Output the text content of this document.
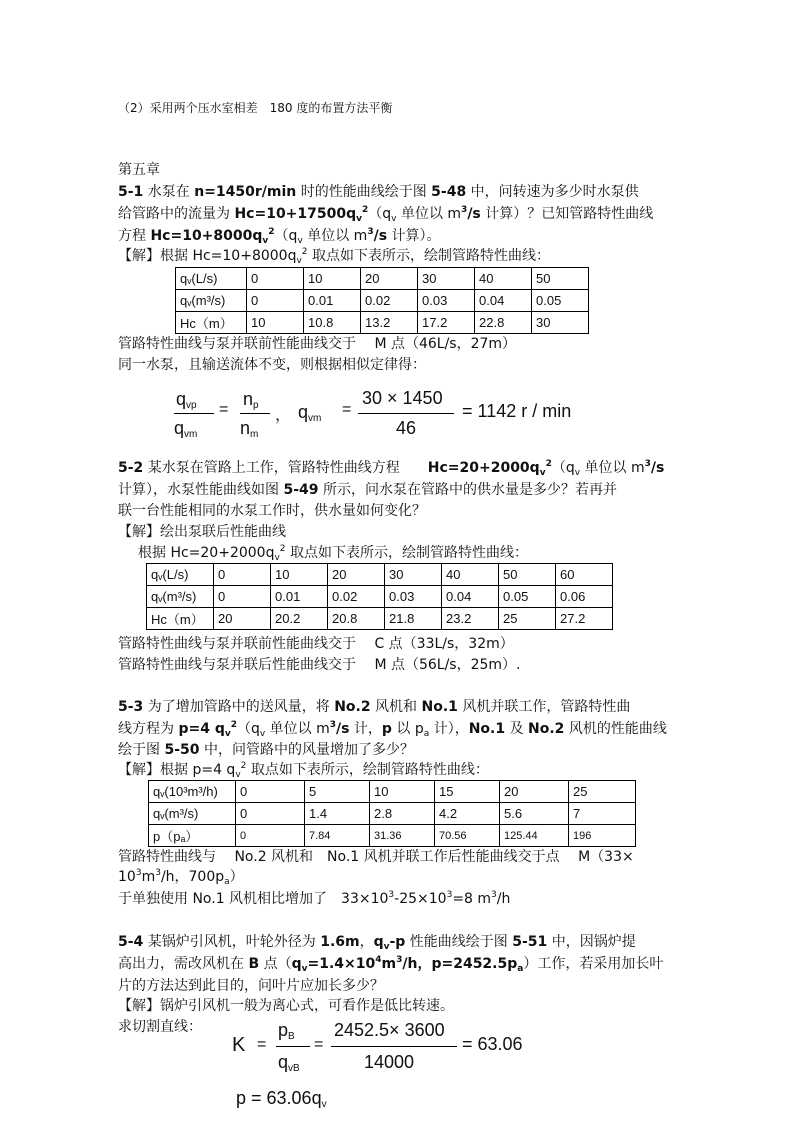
（2）采用两个压水室相差　180 度的布置方法平衡
第五章
5-1 水泵在 n=1450r/min 时的性能曲线绘于图 5-48 中，问转速为多少时水泵供
给管路中的流量为 $Hc=10+17500q_v^2(q_v$ 单位以 $m^3/s$ 计算）？已知管路特性曲线
方程 $Hc=10+8000q_v^2(q_v$ 单位以 $m^3/s$ 计算）。
【解】根据 $Hc=10+8000q_v^2$ 取点如下表所示，绘制管路特性曲线：
qᵥ(L/s)	0	10	20	30	40	50
qᵥ(m³/s)	0	0.01	0.02	0.03	0.04	0.05
Hc（m）	10	10.8	13.2	17.2	22.8	30
管路特性曲线与泵并联前性能曲线交于　 M 点（46L/s，27m）
同一水泵，且输送流体不变，则根据相似定律得：
$q_{vp}$
$q_{vm}$
=
$n_p$
$n_m$
， $q_{vm}$
=
30 × 1450
46
= 1142 r / min
5-2 某水泵在管路上工作，管路特性曲线方程　　$Hc=20+2000q_v^2(q_v$ 单位以 $m^3/s$
计算），水泵性能曲线如图 5-49 所示，问水泵在管路中的供水量是多少？若再并
联一台性能相同的水泵工作时，供水量如何变化？
【解】绘出泵联后性能曲线
根据 $Hc=20+2000q_v^2$ 取点如下表所示，绘制管路特性曲线：
qᵥ(L/s)	0	10	20	30	40	50	60
qᵥ(m³/s)	0	0.01	0.02	0.03	0.04	0.05	0.06
Hc（m）	20	20.2	20.8	21.8	23.2	25	27.2
管路特性曲线与泵并联前性能曲线交于　 C 点（33L/s，32m）
管路特性曲线与泵并联后性能曲线交于　 M 点（56L/s，25m）.
5-3 为了增加管路中的送风量，将 No.2 风机和 No.1 风机并联工作，管路特性曲
线方程为 p=4 $q_v^2(q_v$ 单位以 $m^3/s$ 计，p 以 $p_a$ 计），No.1 及 No.2 风机的性能曲线
绘于图 5-50 中，问管路中的风量增加了多少？
【解】根据 p=4 $q_v^2$ 取点如下表所示，绘制管路特性曲线：
qᵥ(10³m³/h)	0	5	10	15	20	25
qᵥ(m³/s)	0	1.4	2.8	4.2	5.6	7
p（pₐ）	0	7.84	31.36	70.56	125.44	196
管路特性曲线与　 No.2 风机和　No.1 风机并联工作后性能曲线交于点　 M（33×
$10^3m^3/h$，$700p_a$）
于单独使用 No.1 风机相比增加了　$33\times 10^3-25\times 10^3=8$ $m^3/h$
5-4 某锅炉引风机，叶轮外径为 1.6m，$q_v-p$ 性能曲线绘于图 5-51 中，因锅炉提
高出力，需改风机在 B 点（$q_v=1.4\times 10^4m^3/h$，$p=2452.5p_a$）工作，若采用加长叶
片的方法达到此目的，问叶片应加长多少？
【解】锅炉引风机一般为离心式，可看作是低比转速。
求切割直线：
K =
$p_B$
$q_{vB}$
=
2452.5× 3600
14000
= 63.06
$p = 63.06q_v$
